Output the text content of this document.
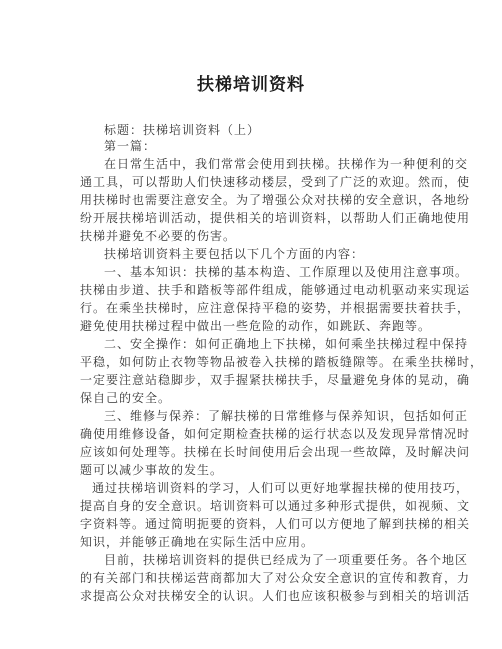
扶梯培训资料
标题：扶梯培训资料（上）
第一篇：
在日常生活中，我们常常会使用到扶梯。扶梯作为一种便利的交
通工具，可以帮助人们快速移动楼层，受到了广泛的欢迎。然而，使
用扶梯时也需要注意安全。为了增强公众对扶梯的安全意识，各地纷
纷开展扶梯培训活动，提供相关的培训资料，以帮助人们正确地使用
扶梯并避免不必要的伤害。
扶梯培训资料主要包括以下几个方面的内容：
一、基本知识：扶梯的基本构造、工作原理以及使用注意事项。
扶梯由步道、扶手和踏板等部件组成，能够通过电动机驱动来实现运
行。在乘坐扶梯时，应注意保持平稳的姿势，并根据需要扶着扶手，
避免使用扶梯过程中做出一些危险的动作，如跳跃、奔跑等。
二、安全操作：如何正确地上下扶梯，如何乘坐扶梯过程中保持
平稳，如何防止衣物等物品被卷入扶梯的踏板缝隙等。在乘坐扶梯时，
一定要注意站稳脚步，双手握紧扶梯扶手，尽量避免身体的晃动，确
保自己的安全。
三、维修与保养：了解扶梯的日常维修与保养知识，包括如何正
确使用维修设备，如何定期检查扶梯的运行状态以及发现异常情况时
应该如何处理等。扶梯在长时间使用后会出现一些故障，及时解决问
题可以减少事故的发生。
通过扶梯培训资料的学习，人们可以更好地掌握扶梯的使用技巧，
提高自身的安全意识。培训资料可以通过多种形式提供，如视频、文
字资料等。通过简明扼要的资料，人们可以方便地了解到扶梯的相关
知识，并能够正确地在实际生活中应用。
目前，扶梯培训资料的提供已经成为了一项重要任务。各个地区
的有关部门和扶梯运营商都加大了对公众安全意识的宣传和教育，力
求提高公众对扶梯安全的认识。人们也应该积极参与到相关的培训活
